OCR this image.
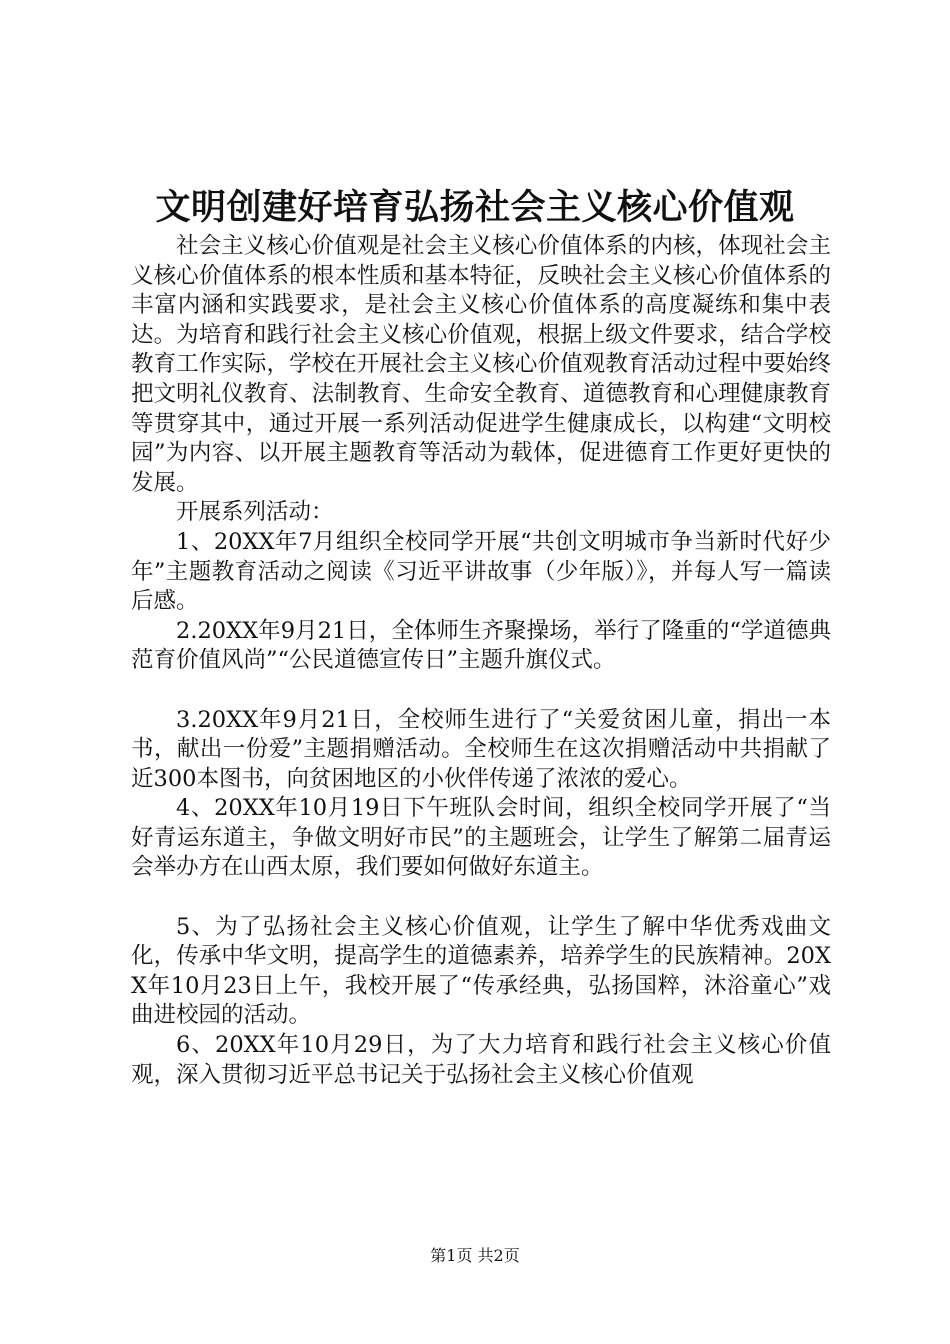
文明创建好培育弘扬社会主义核心价值观

社会主义核心价值观是社会主义核心价值体系的内核，体现社会主义核心价值体系的根本性质和基本特征，反映社会主义核心价值体系的丰富内涵和实践要求，是社会主义核心价值体系的高度凝练和集中表达。为培育和践行社会主义核心价值观，根据上级文件要求，结合学校教育工作实际，学校在开展社会主义核心价值观教育活动过程中要始终把文明礼仪教育、法制教育、生命安全教育、道德教育和心理健康教育等贯穿其中，通过开展一系列活动促进学生健康成长，以构建“文明校园”为内容、以开展主题教育等活动为载体，促进德育工作更好更快的发展。

开展系列活动：

1、20XX年7月组织全校同学开展“共创文明城市争当新时代好少年”主题教育活动之阅读《习近平讲故事（少年版）》，并每人写一篇读后感。

2.20XX年9月21日，全体师生齐聚操场，举行了隆重的“学道德典范育价值风尚”“公民道德宣传日”主题升旗仪式。

3.20XX年9月21日，全校师生进行了“关爱贫困儿童，捐出一本书，献出一份爱”主题捐赠活动。全校师生在这次捐赠活动中共捐献了近300本图书，向贫困地区的小伙伴传递了浓浓的爱心。

4、20XX年10月19日下午班队会时间，组织全校同学开展了“当好青运东道主，争做文明好市民”的主题班会，让学生了解第二届青运会举办方在山西太原，我们要如何做好东道主。

5、为了弘扬社会主义核心价值观，让学生了解中华优秀戏曲文化，传承中华文明，提高学生的道德素养，培养学生的民族精神。20XX年10月23日上午，我校开展了“传承经典，弘扬国粹，沐浴童心”戏曲进校园的活动。

6、20XX年10月29日，为了大力培育和践行社会主义核心价值观，深入贯彻习近平总书记关于弘扬社会主义核心价值观

第1页 共2页
